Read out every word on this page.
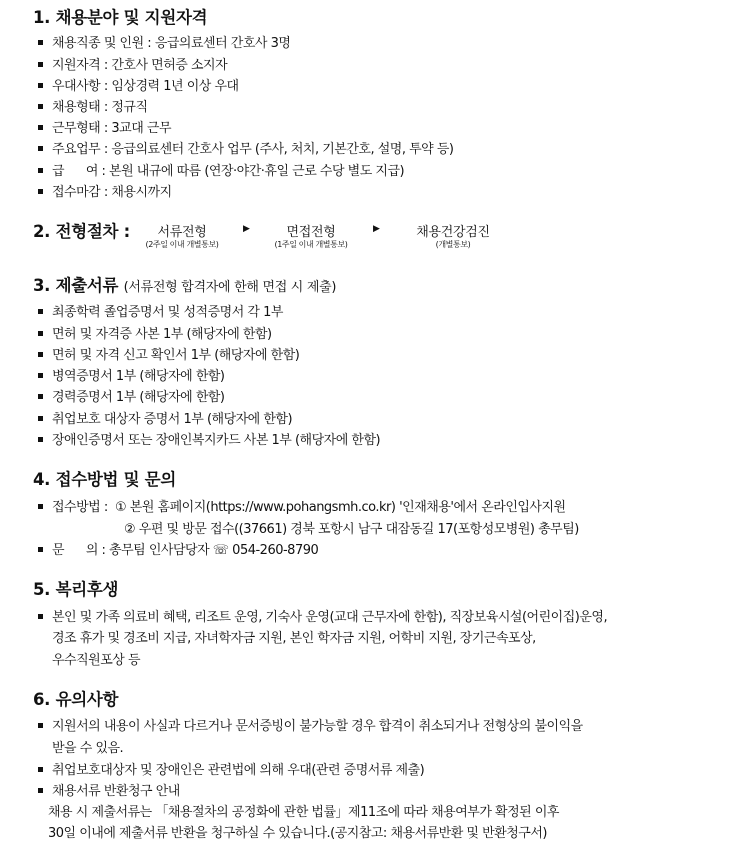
1. 채용분야 및 지원자격
채용직종 및 인원 : 응급의료센터 간호사 3명
지원자격 : 간호사 면허증 소지자
우대사항 : 임상경력 1년 이상 우대
채용형태 : 정규직
근무형태 : 3교대 근무
주요업무 : 응급의료센터 간호사 업무 (주사, 처치, 기본간호, 설명, 투약 등)
급      여 : 본원 내규에 따름 (연장·야간·휴일 근로 수당 별도 지급)
접수마감 : 채용시까지
2. 전형절차 :	서류전형
(2주일 이내 개별통보)
▶	면접전형
(1주일 이내 개별통보)
▶	채용건강검진
(개별통보)
3. 제출서류 (서류전형 합격자에 한해 면접 시 제출)
최종학력 졸업증명서 및 성적증명서 각 1부
면허 및 자격증 사본 1부 (해당자에 한함)
면허 및 자격 신고 확인서 1부 (해당자에 한함)
병역증명서 1부 (해당자에 한함)
경력증명서 1부 (해당자에 한함)
취업보호 대상자 증명서 1부 (해당자에 한함)
장애인증명서 또는 장애인복지카드 사본 1부 (해당자에 한함)
4. 접수방법 및 문의
접수방법 :  ① 본원 홈페이지(https://www.pohangsmh.co.kr) '인재채용'에서 온라인입사지원
② 우편 및 방문 접수((37661) 경북 포항시 남구 대잠동길 17(포항성모병원) 총무팀)
문      의 : 총무팀 인사담당자 ☏ 054-260-8790
5. 복리후생
본인 및 가족 의료비 혜택, 리조트 운영, 기숙사 운영(교대 근무자에 한함), 직장보육시설(어린이집)운영,
경조 휴가 및 경조비 지급, 자녀학자금 지원, 본인 학자금 지원, 어학비 지원, 장기근속포상,
우수직원포상 등
6. 유의사항
지원서의 내용이 사실과 다르거나 문서증빙이 불가능할 경우 합격이 취소되거나 전형상의 불이익을
받을 수 있음.
취업보호대상자 및 장애인은 관련법에 의해 우대(관련 증명서류 제출)
채용서류 반환청구 안내
채용 시 제출서류는 「채용절차의 공정화에 관한 법률」제11조에 따라 채용여부가 확정된 이후
30일 이내에 제출서류 반환을 청구하실 수 있습니다.(공지참고: 채용서류반환 및 반환청구서)
